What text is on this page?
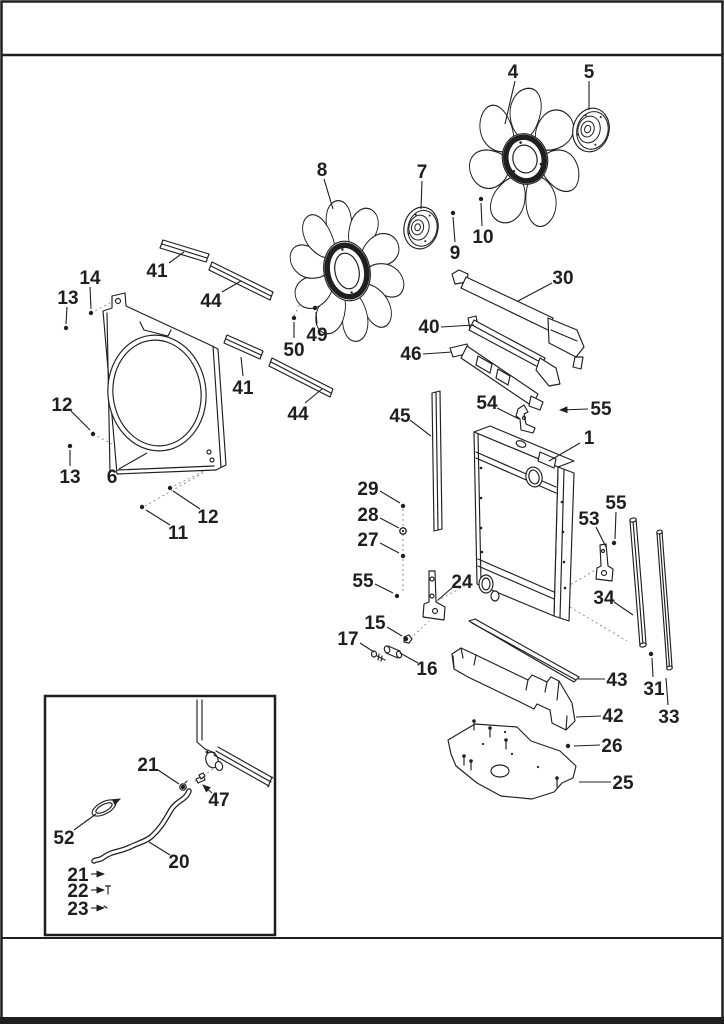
4	5
8	7
9
10
41
44
50
49
41
44
30
40
46
54	55
45
1
14
13
12
13 6
12
11
29
28
27
55	24
15
17
16
53
55
34
31
33
43
42
26
25
21
47
52
20
21
22
23
